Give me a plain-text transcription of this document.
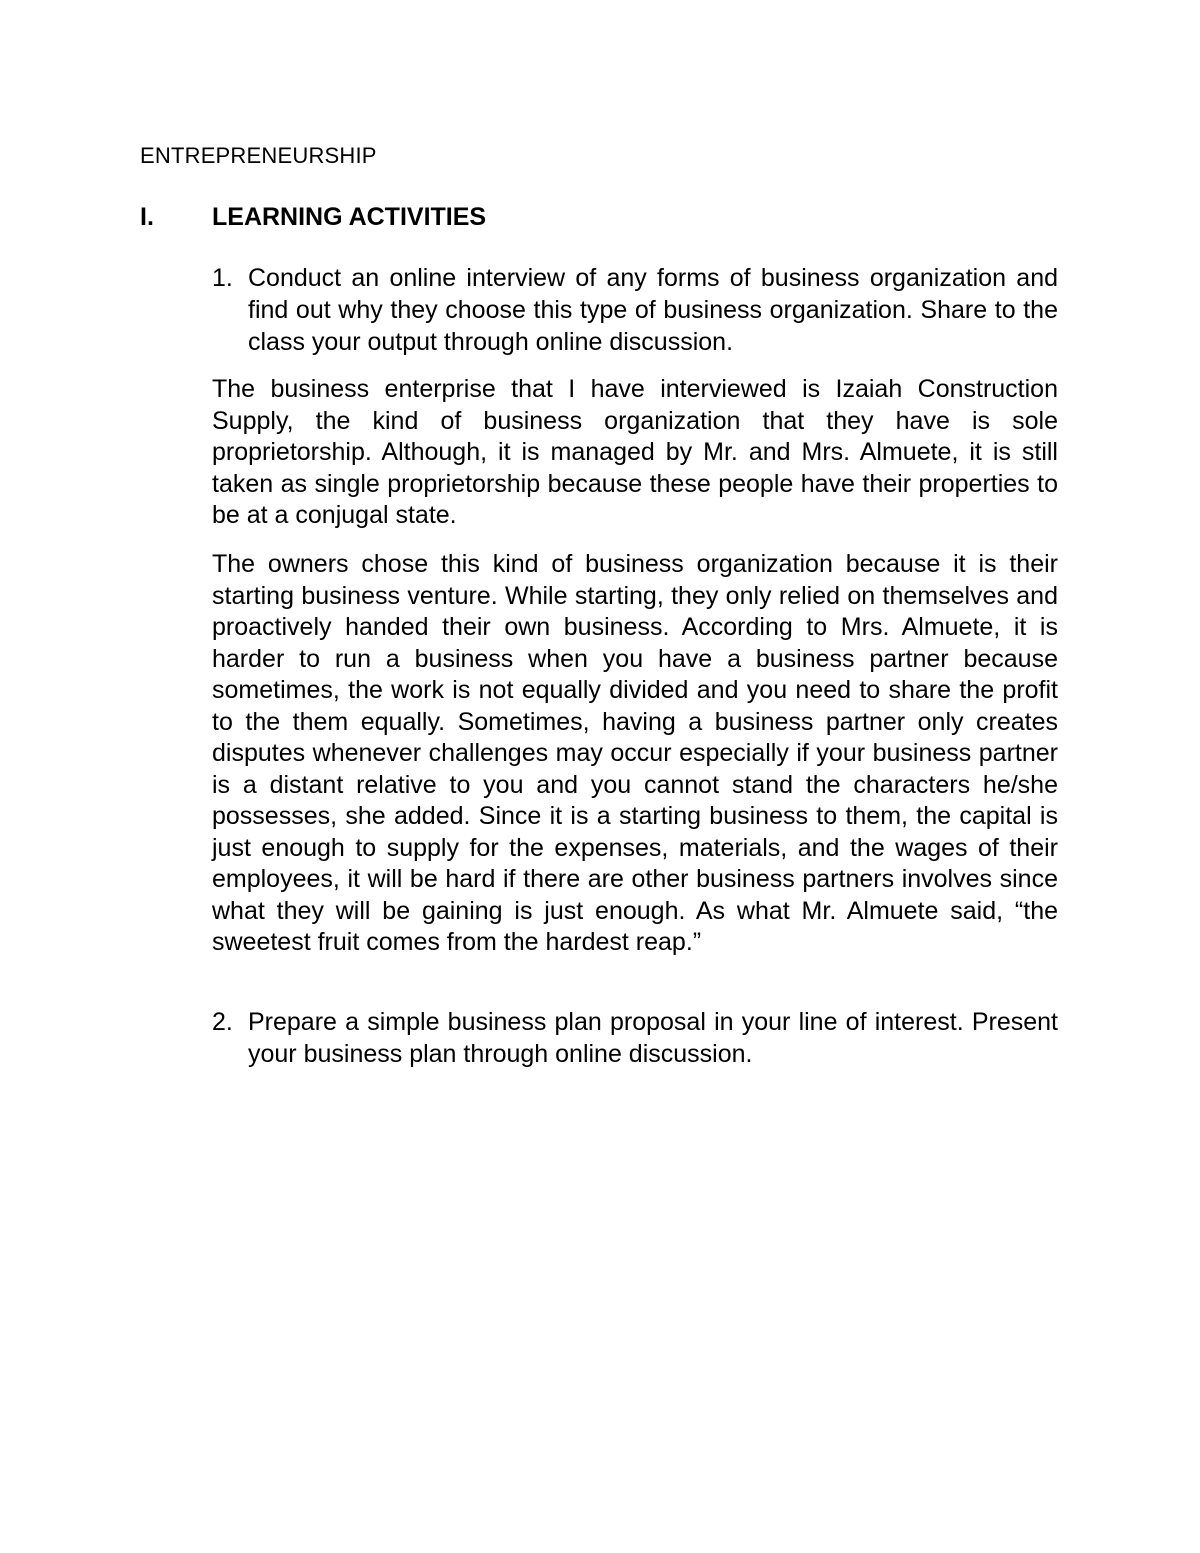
ENTREPRENEURSHIP
I.	LEARNING ACTIVITIES
1. Conduct an online interview of any forms of business organization and find out why they choose this type of business organization. Share to the class your output through online discussion.

The business enterprise that I have interviewed is Izaiah Construction Supply, the kind of business organization that they have is sole proprietorship. Although, it is managed by Mr. and Mrs. Almuete, it is still taken as single proprietorship because these people have their properties to be at a conjugal state.

The owners chose this kind of business organization because it is their starting business venture. While starting, they only relied on themselves and proactively handed their own business. According to Mrs. Almuete, it is harder to run a business when you have a business partner because sometimes, the work is not equally divided and you need to share the profit to the them equally. Sometimes, having a business partner only creates disputes whenever challenges may occur especially if your business partner is a distant relative to you and you cannot stand the characters he/she possesses, she added. Since it is a starting business to them, the capital is just enough to supply for the expenses, materials, and the wages of their employees, it will be hard if there are other business partners involves since what they will be gaining is just enough. As what Mr. Almuete said, “the sweetest fruit comes from the hardest reap.”

2. Prepare a simple business plan proposal in your line of interest. Present your business plan through online discussion.
